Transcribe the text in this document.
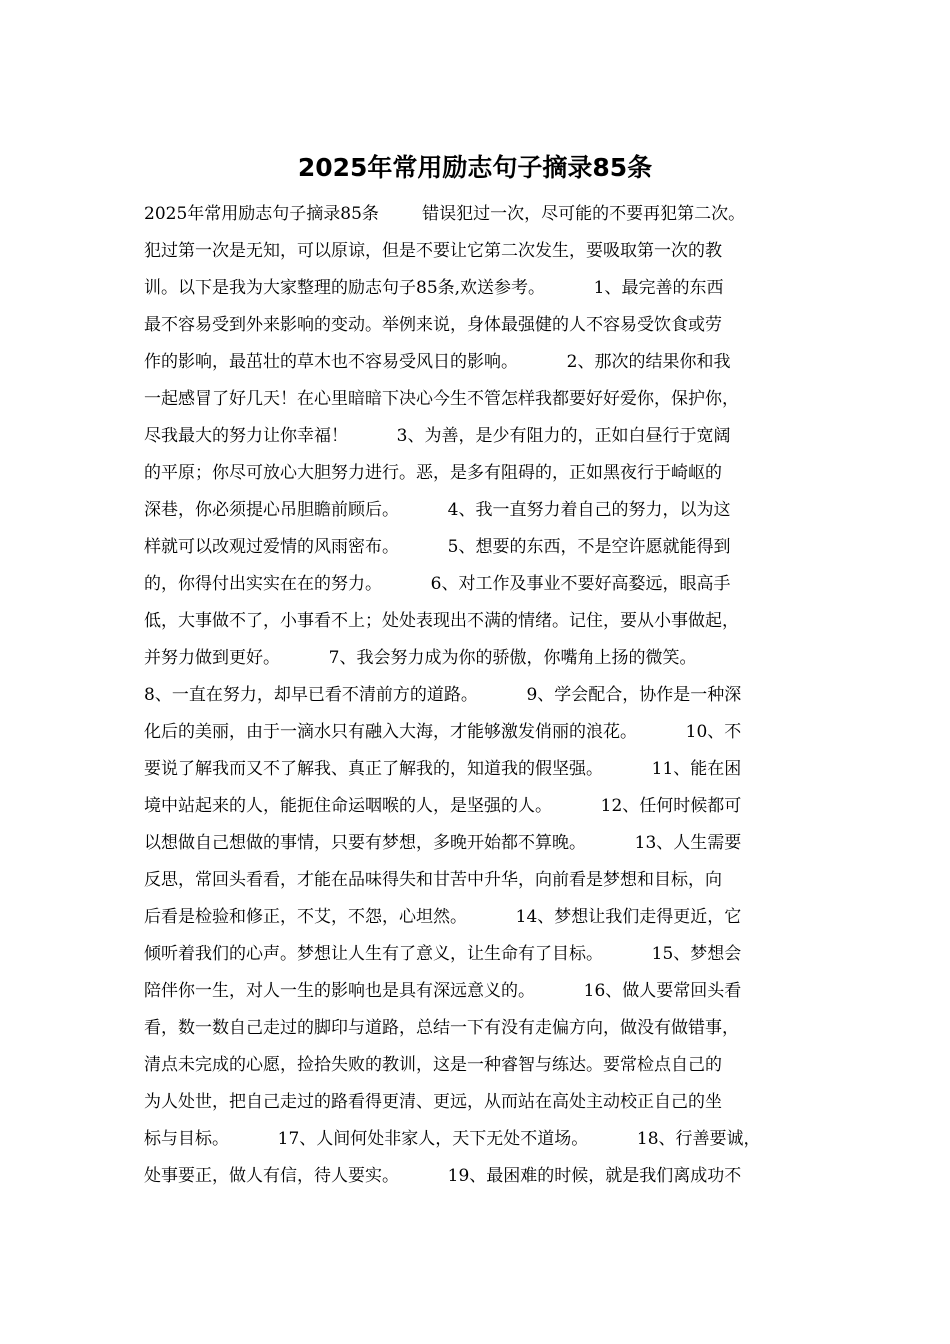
2025年常用励志句子摘录85条
2025年常用励志句子摘录85条        错误犯过一次，尽可能的不要再犯第二次。
犯过第一次是无知，可以原谅，但是不要让它第二次发生，要吸取第一次的教
训。以下是我为大家整理的励志句子85条,欢送参考。         1、最完善的东西
最不容易受到外来影响的变动。举例来说，身体最强健的人不容易受饮食或劳
作的影响，最茁壮的草木也不容易受风日的影响。         2、那次的结果你和我
一起感冒了好几天！在心里暗暗下决心今生不管怎样我都要好好爱你，保护你，
尽我最大的努力让你幸福！         3、为善，是少有阻力的，正如白昼行于宽阔
的平原；你尽可放心大胆努力进行。恶，是多有阻碍的，正如黑夜行于崎岖的
深巷，你必须提心吊胆瞻前顾后。         4、我一直努力着自己的努力，以为这
样就可以改观过爱情的风雨密布。         5、想要的东西，不是空许愿就能得到
的，你得付出实实在在的努力。         6、对工作及事业不要好高婺远，眼高手
低，大事做不了，小事看不上；处处表现出不满的情绪。记住，要从小事做起，
并努力做到更好。         7、我会努力成为你的骄傲，你嘴角上扬的微笑。
8、一直在努力，却早已看不清前方的道路。         9、学会配合，协作是一种深
化后的美丽，由于一滴水只有融入大海，才能够激发俏丽的浪花。         10、不
要说了解我而又不了解我、真正了解我的，知道我的假坚强。         11、能在困
境中站起来的人，能扼住命运咽喉的人，是坚强的人。         12、任何时候都可
以想做自己想做的事情，只要有梦想，多晚开始都不算晚。         13、人生需要
反思，常回头看看，才能在品味得失和甘苦中升华，向前看是梦想和目标，向
后看是检验和修正，不艾，不怨，心坦然。         14、梦想让我们走得更近，它
倾听着我们的心声。梦想让人生有了意义，让生命有了目标。         15、梦想会
陪伴你一生，对人一生的影响也是具有深远意义的。         16、做人要常回头看
看，数一数自己走过的脚印与道路，总结一下有没有走偏方向，做没有做错事，
清点未完成的心愿，捡拾失败的教训，这是一种睿智与练达。要常检点自己的
为人处世，把自己走过的路看得更清、更远，从而站在高处主动校正自己的坐
标与目标。         17、人间何处非家人，天下无处不道场。         18、行善要诚，
处事要正，做人有信，待人要实。         19、最困难的时候，就是我们离成功不
